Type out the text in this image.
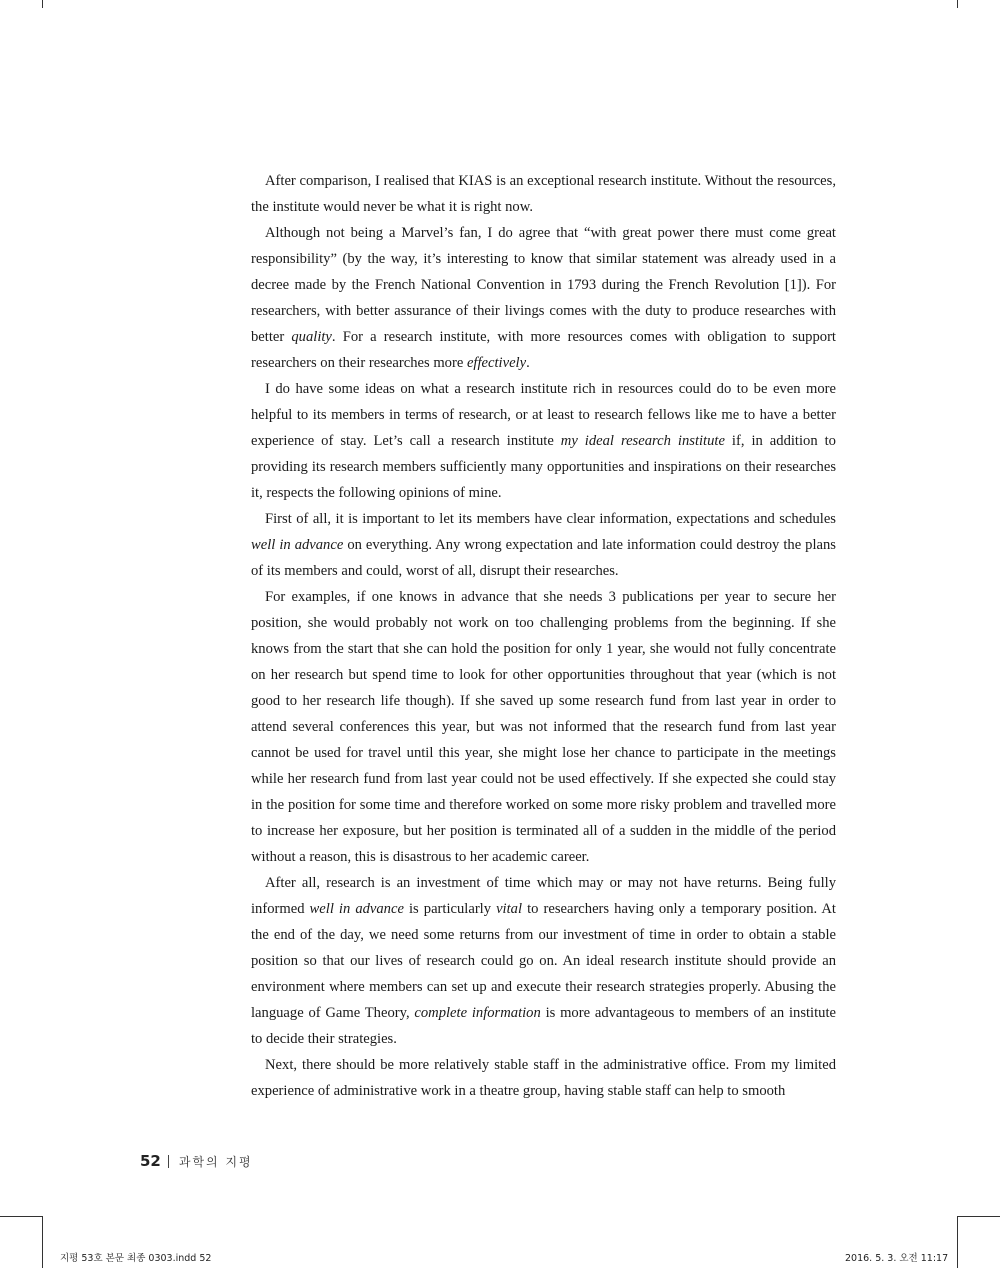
After comparison, I realised that KIAS is an exceptional research institute. Without the resources, the institute would never be what it is right now.

Although not being a Marvel’s fan, I do agree that “with great power there must come great responsibility” (by the way, it’s interesting to know that similar statement was already used in a decree made by the French National Convention in 1793 during the French Revolution [1]). For researchers, with better assurance of their livings comes with the duty to produce researches with better quality. For a research institute, with more resources comes with obligation to support researchers on their researches more effectively.

I do have some ideas on what a research institute rich in resources could do to be even more helpful to its members in terms of research, or at least to research fellows like me to have a better experience of stay. Let’s call a research institute my ideal research institute if, in addition to providing its research members sufficiently many opportunities and inspirations on their researches it, respects the following opinions of mine.

First of all, it is important to let its members have clear information, expectations and schedules well in advance on everything. Any wrong expectation and late information could destroy the plans of its members and could, worst of all, disrupt their researches.

For examples, if one knows in advance that she needs 3 publications per year to secure her position, she would probably not work on too challenging problems from the beginning. If she knows from the start that she can hold the position for only 1 year, she would not fully concentrate on her research but spend time to look for other opportunities throughout that year (which is not good to her research life though). If she saved up some research fund from last year in order to attend several conferences this year, but was not informed that the research fund from last year cannot be used for travel until this year, she might lose her chance to participate in the meetings while her research fund from last year could not be used effectively. If she expected she could stay in the position for some time and therefore worked on some more risky problem and travelled more to increase her exposure, but her position is terminated all of a sudden in the middle of the period without a reason, this is disastrous to her academic career.

After all, research is an investment of time which may or may not have returns. Being fully informed well in advance is particularly vital to researchers having only a temporary position. At the end of the day, we need some returns from our investment of time in order to obtain a stable position so that our lives of research could go on. An ideal research institute should provide an environment where members can set up and execute their research strategies properly. Abusing the language of Game Theory, complete information is more advantageous to members of an institute to decide their strategies.

Next, there should be more relatively stable staff in the administrative office. From my limited experience of administrative work in a theatre group, having stable staff can help to smooth

52 과학의 지평
지평 53호 본문 최종 0303.indd 52	2016. 5. 3. 오전 11:17
